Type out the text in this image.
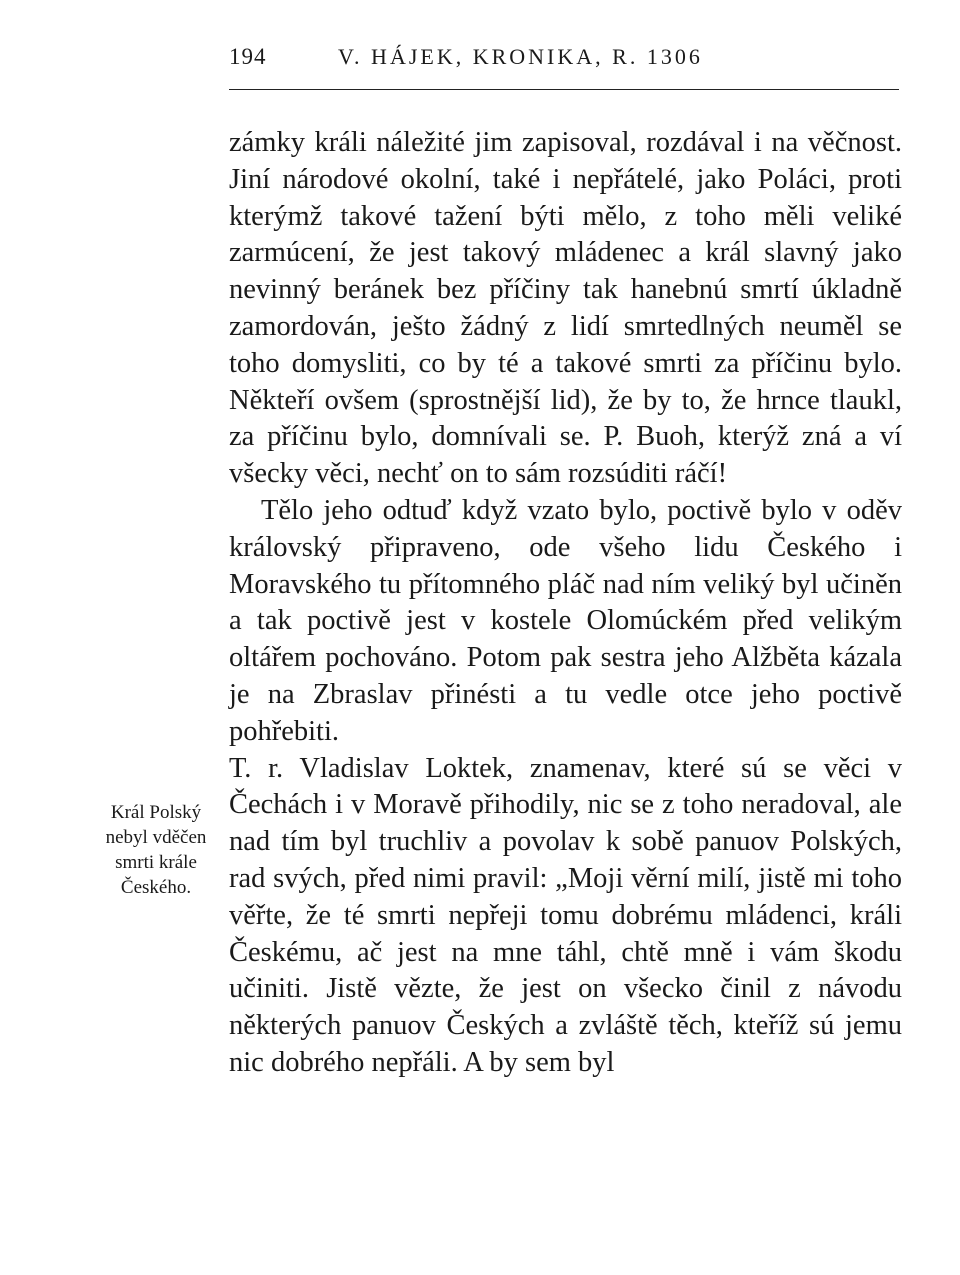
194	V. HÁJEK, KRONIKA, R. 1306

zámky králi náležité jim zapisoval, rozdával i na věčnost. Jiní národové okolní, také i nepřátelé, jako Poláci, proti kterýmž takové tažení býti mělo, z toho měli veliké zarmúcení, že jest takový mládenec a král slavný jako nevinný beránek bez příčiny tak hanebnú smrtí úkladně zamordován, ješto žádný z lidí smrtedlných neuměl se toho domysliti, co by té a takové smrti za příčinu bylo. Někteří ovšem (sprostnější lid), že by to, že hrnce tlaukl, za příčinu bylo, domnívali se. P. Buoh, kterýž zná a ví všecky věci, nechť on to sám rozsúditi ráčí!

Tělo jeho odtuď když vzato bylo, poctivě bylo v oděv královský připraveno, ode všeho lidu Českého i Moravského tu přítomného pláč nad ním veliký byl učiněn a tak poctivě jest v kostele Olomúckém před velikým oltářem pochováno. Potom pak sestra jeho Alžběta kázala je na Zbraslav přinésti a tu vedle otce jeho poctivě pohřebiti.

T. r. Vladislav Loktek, znamenav, které sú se věci v Čechách i v Moravě přihodily, nic se z toho neradoval, ale nad tím byl truchliv a povolav k sobě panuov Polských, rad svých, před nimi pravil: „Moji věrní milí, jistě mi toho věřte, že té smrti nepřeji tomu dobrému mládenci, králi Českému, ač jest na mne táhl, chtě mně i vám škodu učiniti. Jistě vězte, že jest on všecko činil z návodu některých panuov Českých a zvláště těch, kteříž sú jemu nic dobrého nepřáli. A by sem byl

Král Polský
nebyl vděčen
smrti krále
Českého.
